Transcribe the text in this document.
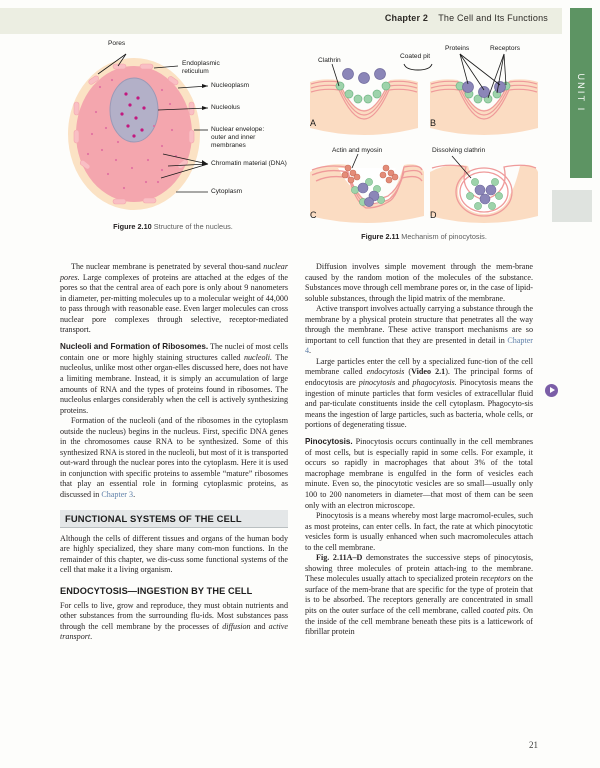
Chapter 2 The Cell and Its Functions
UNIT I
Pores
Endoplasmic
reticulum
Nucleoplasm
Nucleolus
Nuclear envelope:
outer and inner
membranes
Chromatin material (DNA)
Cytoplasm
Figure 2.10 Structure of the nucleus.
Clathrin
Coated pit
Proteins	Receptors
Actin and myosin	Dissolving clathrin
A	B
C	D
Figure 2.11 Mechanism of pinocytosis.

The nuclear membrane is penetrated by several thou-sand nuclear pores. Large complexes of proteins are attached at the edges of the pores so that the central area of each pore is only about 9 nanometers in diameter, per-mitting molecules up to a molecular weight of 44,000 to pass through with reasonable ease. Even larger molecules can cross nuclear pore complexes through selective, receptor-mediated transport.

Nucleoli and Formation of Ribosomes. The nuclei of most cells contain one or more highly staining structures called nucleoli. The nucleolus, unlike most other organ-elles discussed here, does not have a limiting membrane. Instead, it is simply an accumulation of large amounts of RNA and the types of proteins found in ribosomes. The nucleolus enlarges considerably when the cell is actively synthesizing proteins.

Formation of the nucleoli (and of the ribosomes in the cytoplasm outside the nucleus) begins in the nucleus. First, specific DNA genes in the chromosomes cause RNA to be synthesized. Some of this synthesized RNA is stored in the nucleoli, but most of it is transported out-ward through the nuclear pores into the cytoplasm. Here it is used in conjunction with specific proteins to assemble “mature” ribosomes that play an essential role in forming cytoplasmic proteins, as discussed in Chapter 3.

FUNCTIONAL SYSTEMS OF THE CELL

Although the cells of different tissues and organs of the human body are highly specialized, they share many com-mon functions. In the remainder of this chapter, we dis-cuss some functional systems of the cell that make it a living organism.

ENDOCYTOSIS—INGESTION BY THE CELL

For cells to live, grow and reproduce, they must obtain nutrients and other substances from the surrounding flu-ids. Most substances pass through the cell membrane by the processes of diffusion and active transport.

Diffusion involves simple movement through the mem-brane caused by the random motion of the molecules of the substance. Substances move through cell membrane pores or, in the case of lipid-soluble substances, through the lipid matrix of the membrane.

Active transport involves actually carrying a substance through the membrane by a physical protein structure that penetrates all the way through the membrane. These active transport mechanisms are so important to cell function that they are presented in detail in Chapter 4.

Large particles enter the cell by a specialized func-tion of the cell membrane called endocytosis (Video 2.1). The principal forms of endocytosis are pinocytosis and phagocytosis. Pinocytosis means the ingestion of minute particles that form vesicles of extracellular fluid and par-ticulate constituents inside the cell cytoplasm. Phagocyto-sis means the ingestion of large particles, such as bacteria, whole cells, or portions of degenerating tissue.

Pinocytosis. Pinocytosis occurs continually in the cell membranes of most cells, but is especially rapid in some cells. For example, it occurs so rapidly in macrophages that about 3% of the total macrophage membrane is engulfed in the form of vesicles each minute. Even so, the pinocytotic vesicles are so small—usually only 100 to 200 nanometers in diameter—that most of them can be seen only with an electron microscope.

Pinocytosis is a means whereby most large macromol-ecules, such as most proteins, can enter cells. In fact, the rate at which pinocytotic vesicles form is usually enhanced when such macromolecules attach to the cell membrane.

Fig. 2.11A–D demonstrates the successive steps of pinocytosis, showing three molecules of protein attach-ing to the membrane. These molecules usually attach to specialized protein receptors on the surface of the mem-brane that are specific for the type of protein that is to be absorbed. The receptors generally are concentrated in small pits on the outer surface of the cell membrane, called coated pits. On the inside of the cell membrane beneath these pits is a latticework of fibrillar protein

21
